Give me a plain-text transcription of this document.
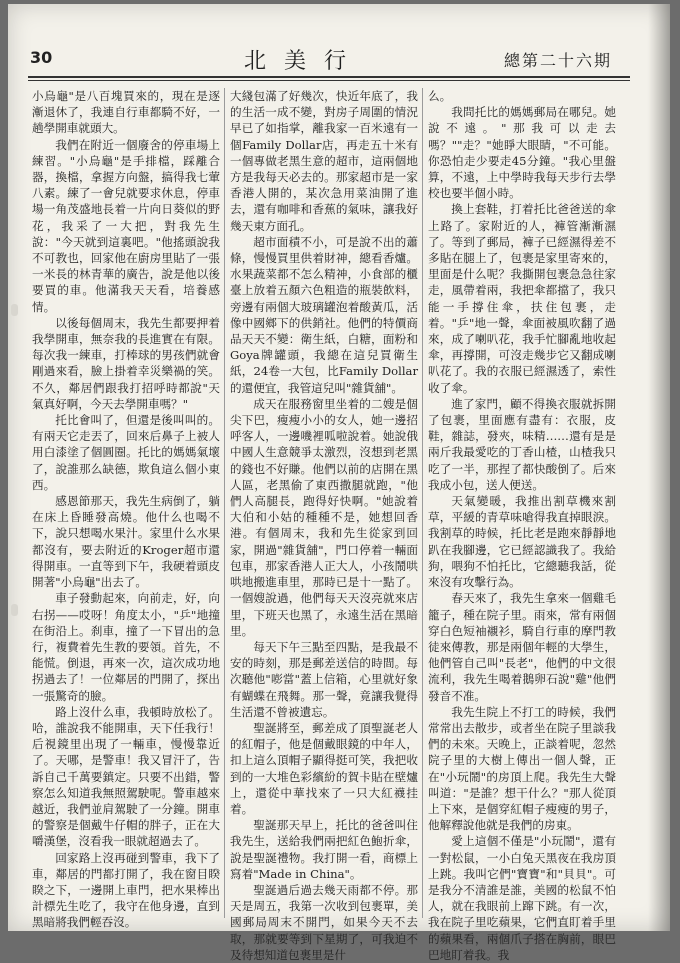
30	北美行	總第二十六期

小烏龜"是八百塊買來的，現在是逐漸退休了，我連自行車都騎不好，一趟學開車就頭大。

我們在附近一個廢舍的停車場上練習。"小烏龜"是手排檔，踩離合器，換檔，拿握方向盤，搞得我七葷八素。練了一會兒就要求休息，停車場一角茂盛地長着一片向日葵似的野花，我采了一大把，對我先生說："今天就到這裏吧。"他搖頭說我不可教也，回家他在廚房里貼了一張一米長的林青華的廣告，說是他以後要買的車。他滿我天天看，培養感情。

以後每個周末，我先生都要押着我學開車，無奈我的長進實在有限。每次我一練車，打棒球的男孩們就會剛過來看，臉上掛着幸災樂禍的笑。不久，鄰居們跟我打招呼時都說"天氣真好啊，今天去學開車嗎？"

托比會叫了，但還是後叫叫的。有兩天它走丟了，回來后鼻子上被人用白漆塗了個圓圈。托比的媽媽氣壞了，說誰那么缺德，欺負這么個小東西。

感恩節那天，我先生病倒了，躺在床上昏睡發高燒。他什么也喝不下，說只想喝水果汁。家里什么水果都沒有，要去附近的Kroger超市還得開車。一直等到下午，我硬着頭皮開著"小烏龜"出去了。

車子發動起來，向前走，好，向右拐——哎呀！角度太小，"乒"地撞在街沿上。刹車，撞了一下冒出的急行，複費着先生教的要領。首先，不能慌。倒退，再來一次，這次成功地拐過去了！一位鄰居的門開了，探出一張驚奇的臉。

路上沒什么車，我頓時放松了。哈，誰說我不能開車，天下任我行！后視鏡里出現了一輛車，慢慢靠近了。天哪，是警車！我又冒汗了，告訴自己千萬要鎮定。只要不出錯，警察怎么知道我無照駕駛呢。警車越來越近，我們並肩駕駛了一分鐘。開車的警察是個戴牛仔帽的胖子，正在大嚼漢堡，沒看我一眼就超過去了。

回家路上沒再碰到警車，我下了車，鄰居的門都打開了，我在窗目睽睽之下，一邊開上車門，把水果棒出計標先生吃了，我守在他身邊，直到黑暗將我們輕吞沒。

大綫包滿了好幾次，快近年底了，我的生活一成不變，對房子周圍的情況早已了如指掌，離我家一百米遠有一個Family Dollar店，再走五十米有一個專做老黑生意的超市，這兩個地方是我每天必去的。那家超市是一家香港人開的，某次急用菜油開了進去，還有咖啡和香蕉的氣味，讓我好幾天東方面孔。

超市面積不小，可是說不出的蕭條，慢慢買里供着財神，總看香爐。水果蔬菜都不怎么精神，小食部的櫃臺上放着五顏六色粗造的瓶裝飲料，旁邊有兩個大玻璃罐泡着酸黃瓜，活像中國鄉下的供銷社。他們的特價商品天天不變：衛生紙，白糖，面粉和Goya牌罐頭，我總在這兒買衛生紙，24卷一大包，比Family Dollar的還便宜，我管這兒叫"雜貨舖"。

成天在服務窗里坐着的二嫂是個尖下巴，瘦瘦小小的女人，她一邊招呼客人，一邊嘰裡呱啦說着。她說俄中國人生意競爭太激烈，沒想到老黑的錢也不好賺。他們以前的店開在黑人區，老黑偷了東西撒腿就跑，"他們人高腿長，跑得好快啊。"她說着大伯和小姑的種種不是，她想回香港。有個周末，我和先生從家到回家，開過"雜貨舖"，門口停着一輛面包車，那家香港人正大人，小孩鬧哄哄地搬進車里，那時已是十一點了。一個嫂說過，他們每天天沒亮就來店里，下班天也黑了，永遠生活在黑暗里。

每天下午三點至四點，是我最不安的時刻，那是郵差送信的時間。每次聽他"嘭當"蓋上信箱，心里就好象有蝴蝶在飛舞。那一聲，竟讓我覺得生活還不曾被遺忘。

聖誕將至，郵差成了頂聖誕老人的紅帽子，他是個戴眼鏡的中年人，扣上這么頂帽子顯得挺可笑，我把收到的一大堆色彩繽紛的賀卡貼在壁爐上，還從中華找來了一只大紅襪挂着。

聖誕那天早上，托比的爸爸叫住我先生，送給我們兩把紅色鮑折傘，說是聖誕禮物。我打開一看，商標上寫着"Made in China"。

聖誕過后過去幾天雨都不停。那天是周五，我第一次收到包裹單，美國郵局周末不開門，如果今天不去取，那就要等到下星期了，可我迫不及待想知道包裹里是什

么。

我問托比的媽媽郵局在哪兒。她說不遠。"那我可以走去嗎？""走？"她睜大眼睛，"不可能。你恐怕走少要走45分鐘。"我心里盤算，不遠，上中學時我每天步行去學校也要半個小時。

換上套鞋，打着托比爸爸送的傘上路了。家附近的人，褲管漸漸濕了。等到了郵局，褲子已經濕得差不多貼在腿上了，包裹是家里寄來的，里面是什么呢？我撕開包裹急急往家走，風帶着兩，我把傘都擋了，我只能一手撐住傘，扶住包裹，走着。"乒"地一聲，傘面被風吹翻了過來，成了喇叭花，我手忙腳亂地收起傘，再撐開，可沒走幾步它又翻成喇叭花了。我的衣服已經濕透了，索性收了傘。

進了家門，顧不得換衣服就拆開了包裹，里面應有盡有：衣服，皮鞋，雜誌，發夾，味精……還有是是兩斤我最愛吃的丁香山楂，山楂我只吃了一半，那捏了都快酸倒了。后來我成小包，送人便送。

天氣變暖，我推出割草機來割草，平緩的青草味嗆得我直掉眼淚。我割草的時候，托比老是跑來靜靜地趴在我腳邊，它已經認識我了。我給狗，喂狗不怕托比，它總聽我話，從來沒有攻擊行為。

春天來了，我先生拿來一個雞毛籠子，種在院子里。雨來，常有兩個穿白色短袖襯衫，騎自行車的摩門教徒來傳教，那是兩個年輕的大學生，他們管自己叫"長老"，他們的中文很流利，我先生喝着鵝卵石說"雞"他們發音不准。

我先生院上不打工的時候，我們常常出去散步，或者坐在院子里談我們的未來。天晚上，正談着呢，忽然院子里的大樹上傳出一個人聲，正在"小玩鬧"的房頂上爬。我先生大聲叫道："是誰？想干什么？"那人從頂上下來，是個穿紅帽子瘦瘦的男子，他解釋說他就是我們的房東。

愛上這個不僅是"小玩鬧"，還有一對松鼠，一小白兔天黑夜在我房頂上跳。我叫它們"寶寶"和"貝貝"。可是我分不清誰是誰，美國的松鼠不怕人，就在我眼前上蹿下跳。有一次，我在院子里吃蘋果，它們直盯着手里的蘋果看，兩個爪子搭在胸前，眼巴巴地盯着我。我
